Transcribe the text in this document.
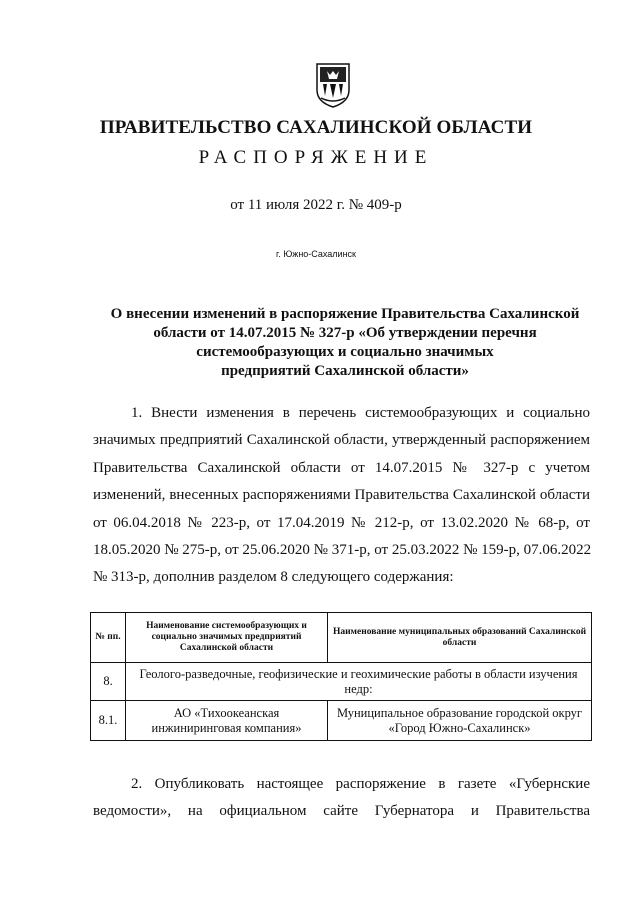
ПРАВИТЕЛЬСТВО САХАЛИНСКОЙ ОБЛАСТИ
РАСПОРЯЖЕНИЕ
от 11 июля 2022 г. № 409-р
г. Южно-Сахалинск
О внесении изменений в распоряжение Правительства Сахалинской
области от 14.07.2015 № 327-р «Об утверждении перечня
системообразующих и социально значимых
предприятий Сахалинской области»
1. Внести изменения в перечень системообразующих и социально
значимых предприятий Сахалинской области, утвержденный распоряжением
Правительства Сахалинской области от 14.07.2015 № 327-р с учетом
изменений, внесенных распоряжениями Правительства Сахалинской области
от 06.04.2018 № 223-р, от 17.04.2019 № 212-р, от 13.02.2020 № 68-р, от
18.05.2020 № 275-р, от 25.06.2020 № 371-р, от 25.03.2022 № 159-р, 07.06.2022
№ 313-р, дополнив разделом 8 следующего содержания:
№ пп.	Наименование системообразующих и социально значимых предприятий Сахалинской области	Наименование муниципальных образований Сахалинской области
8.	Геолого-разведочные, геофизические и геохимические работы в области изучения недр:	
8.1.	АО «Тихоокеанская инжиниринговая компания»	Муниципальное образование городской округ «Город Южно-Сахалинск»
2. Опубликовать настоящее распоряжение в газете «Губернские
ведомости», на официальном сайте Губернатора и Правительства
